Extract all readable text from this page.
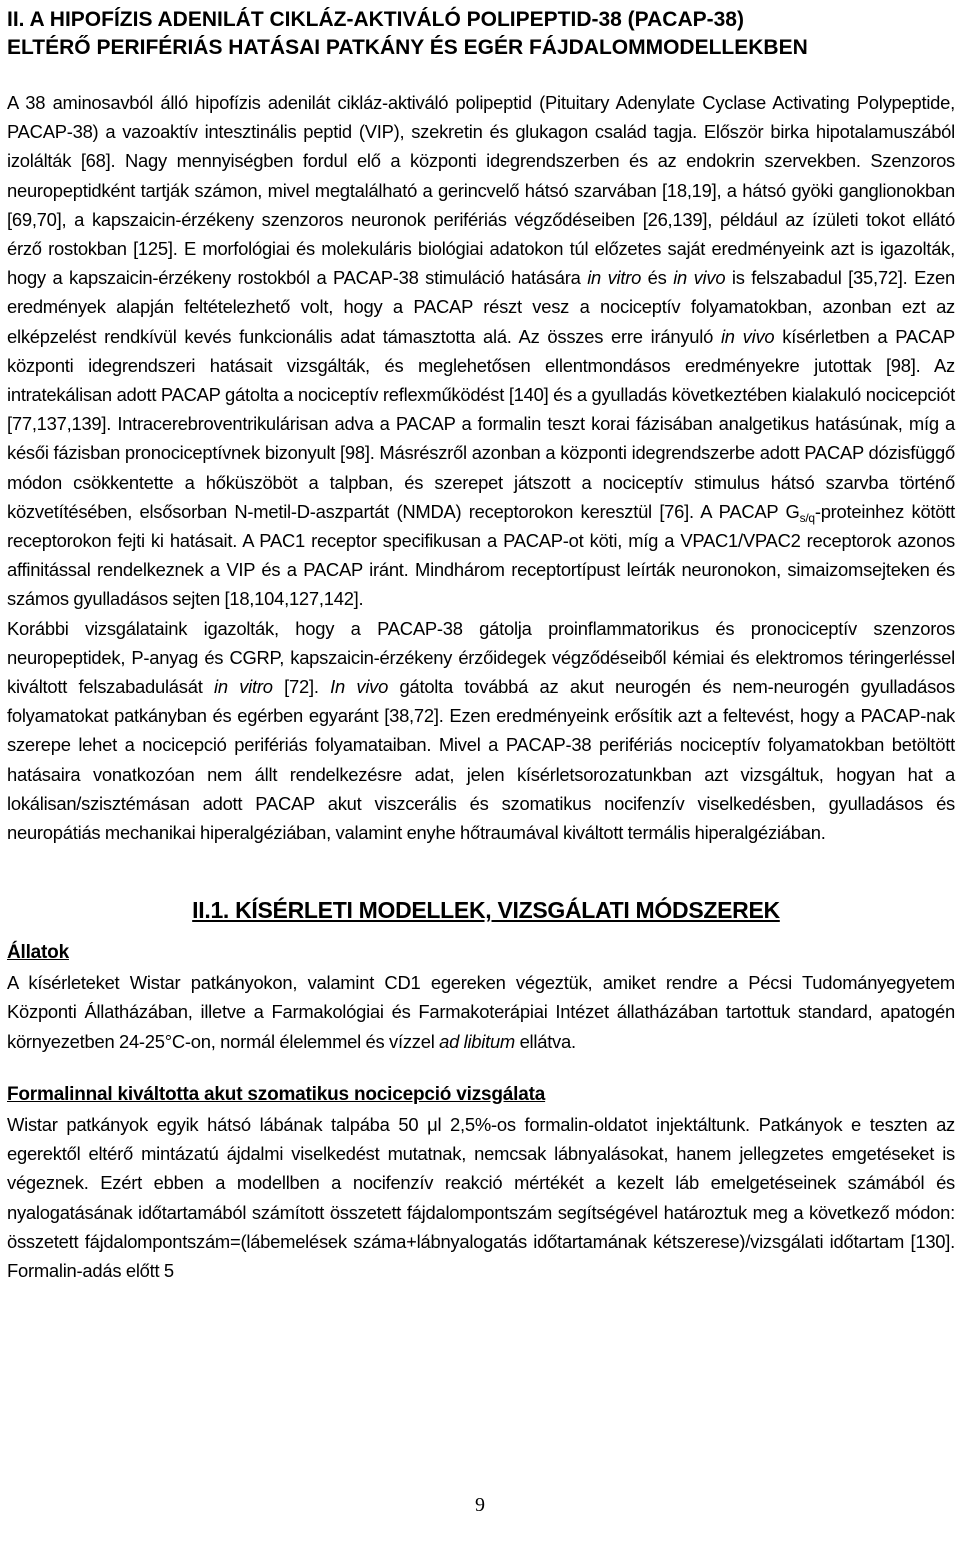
II. A HIPOFÍZIS ADENILÁT CIKLÁZ-AKTIVÁLÓ POLIPEPTID-38 (PACAP-38)
ELTÉRŐ PERIFÉRIÁS HATÁSAI PATKÁNY ÉS EGÉR FÁJDALOMMODELLEKBEN

A 38 aminosavból álló hipofízis adenilát cikláz-aktiváló polipeptid (Pituitary Adenylate Cyclase Activating Polypeptide, PACAP-38) a vazoaktív intesztinális peptid (VIP), szekretin és glukagon család tagja. Először birka hipotalamuszából izolálták [68]. Nagy mennyiségben fordul elő a központi idegrendszerben és az endokrin szervekben. Szenzoros neuropeptidként tartják számon, mivel megtalálható a gerincvelő hátsó szarvában [18,19], a hátsó gyöki ganglionokban [69,70], a kapszaicin-érzékeny szenzoros neuronok perifériás végződéseiben [26,139], például az ízületi tokot ellátó érző rostokban [125]. E morfológiai és molekuláris biológiai adatokon túl előzetes saját eredményeink azt is igazolták, hogy a kapszaicin-érzékeny rostokból a PACAP-38 stimuláció hatására in vitro és in vivo is felszabadul [35,72]. Ezen eredmények alapján feltételezhető volt, hogy a PACAP részt vesz a nociceptív folyamatokban, azonban ezt az elképzelést rendkívül kevés funkcionális adat támasztotta alá. Az összes erre irányuló in vivo kísérletben a PACAP központi idegrendszeri hatásait vizsgálták, és meglehetősen ellentmondásos eredményekre jutottak [98]. Az intratekálisan adott PACAP gátolta a nociceptív reflexműködést [140] és a gyulladás következtében kialakuló nocicepciót [77,137,139]. Intracerebroventrikulárisan adva a PACAP a formalin teszt korai fázisában analgetikus hatásúnak, míg a késői fázisban pronociceptívnek bizonyult [98]. Másrészről azonban a központi idegrendszerbe adott PACAP dózisfüggő módon csökkentette a hőküszöböt a talpban, és szerepet játszott a nociceptív stimulus hátsó szarvba történő közvetítésében, elsősorban N-metil-D-aszpartát (NMDA) receptorokon keresztül [76]. A PACAP $G_{s/q}$-proteinhez kötött receptorokon fejti ki hatásait. A PAC1 receptor specifikusan a PACAP-ot köti, míg a VPAC1/VPAC2 receptorok azonos affinitással rendelkeznek a VIP és a PACAP iránt. Mindhárom receptortípust leírták neuronokon, simaizomsejteken és számos gyulladásos sejten [18,104,127,142].

Korábbi vizsgálataink igazolták, hogy a PACAP-38 gátolja proinflammatorikus és pronociceptív szenzoros neuropeptidek, P-anyag és CGRP, kapszaicin-érzékeny érzőidegek végződéseiből kémiai és elektromos téringerléssel kiváltott felszabadulását in vitro [72]. In vivo gátolta továbbá az akut neurogén és nem-neurogén gyulladásos folyamatokat patkányban és egérben egyaránt [38,72]. Ezen eredményeink erősítik azt a feltevést, hogy a PACAP-nak szerepe lehet a nocicepció perifériás folyamataiban. Mivel a PACAP-38 perifériás nociceptív folyamatokban betöltött hatásaira vonatkozóan nem állt rendelkezésre adat, jelen kísérletsorozatunkban azt vizsgáltuk, hogyan hat a lokálisan/szisztémásan adott PACAP akut viszcerális és szomatikus nocifenzív viselkedésben, gyulladásos és neuropátiás mechanikai hiperalgéziában, valamint enyhe hőtraumával kiváltott termális hiperalgéziában.

II.1. KÍSÉRLETI MODELLEK, VIZSGÁLATI MÓDSZEREK
Állatok

A kísérleteket Wistar patkányokon, valamint CD1 egereken végeztük, amiket rendre a Pécsi Tudományegyetem Központi Állatházában, illetve a Farmakológiai és Farmakoterápiai Intézet állatházában tartottuk standard, apatogén környezetben 24-25°C-on, normál élelemmel és vízzel ad libitum ellátva.

Formalinnal kiváltotta akut szomatikus nocicepció vizsgálata

Wistar patkányok egyik hátsó lábának talpába 50 μl 2,5%-os formalin-oldatot injektáltunk. Patkányok e teszten az egerektől eltérő mintázatú ájdalmi viselkedést mutatnak, nemcsak lábnyalásokat, hanem jellegzetes emgetéseket is végeznek. Ezért ebben a modellben a nocifenzív reakció mértékét a kezelt láb emelgetéseinek számából és nyalogatásának időtartamából számított összetett fájdalompontszám segítségével határoztuk meg a következő módon: összetett fájdalompontszám=(lábemelések száma+lábnyalogatás időtartamának kétszerese)/vizsgálati időtartam [130]. Formalin-adás előtt 5

9
